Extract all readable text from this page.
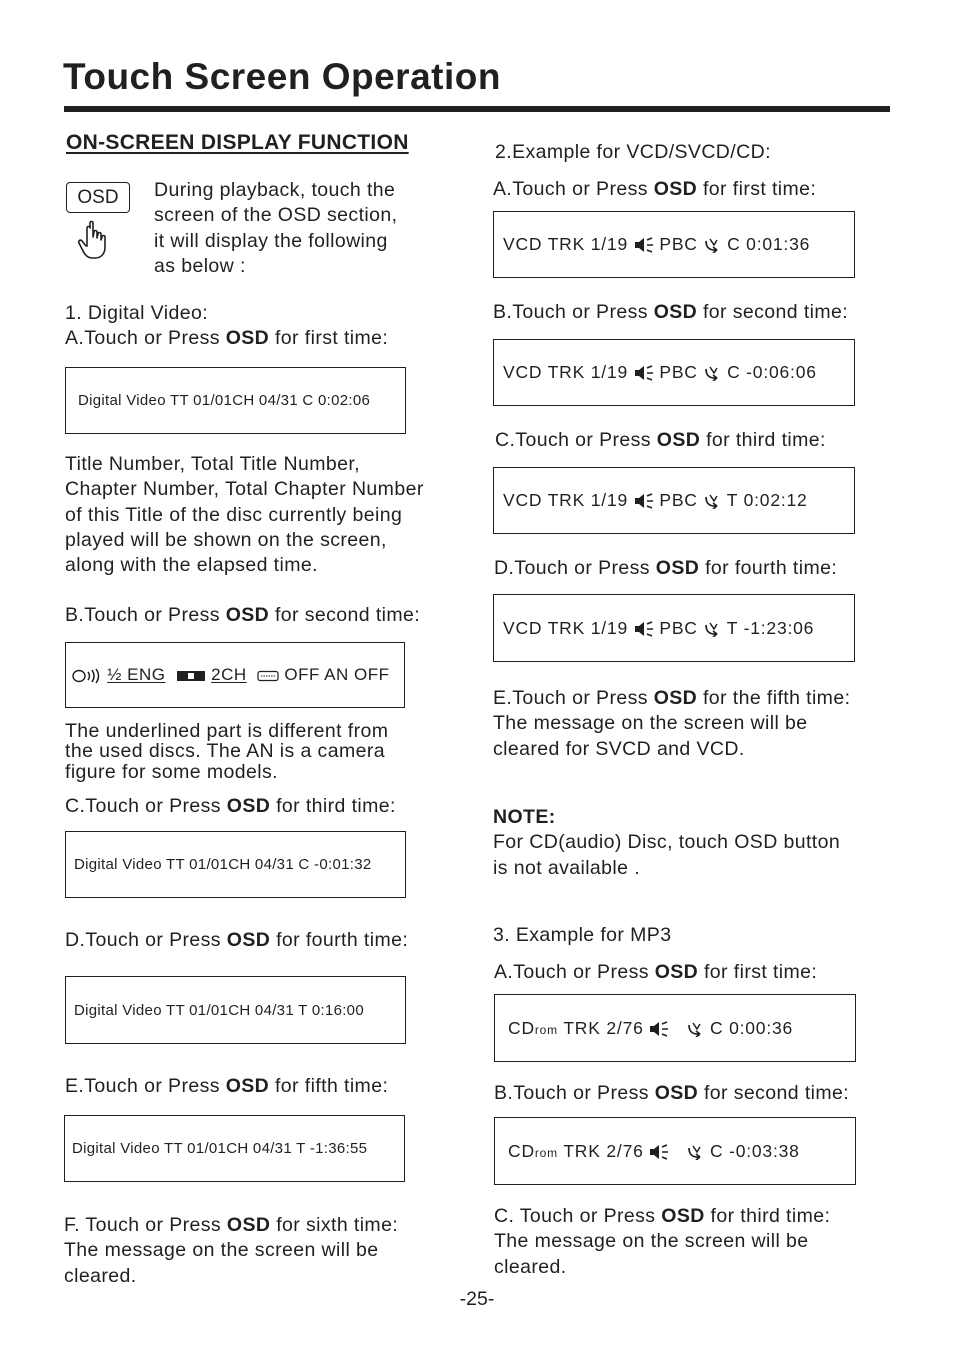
Touch Screen Operation
ON-SCREEN DISPLAY FUNCTION
OSD	During playback, touch the
screen of the OSD section,
it will display the following
as below :
1. Digital Video:
A.Touch or Press OSD for first time:
Digital Video TT 01/01CH 04/31 C 0:02:06
Title Number, Total Title Number,
Chapter Number, Total Chapter Number
of this Title of the disc currently being
played will be shown on the screen,
along with the elapsed time.
B.Touch or Press OSD for second time:
½ ENG	2CH OFF AN OFF
The underlined part is different from
the used discs. The AN is a camera
figure for some models.
C.Touch or Press OSD for third time:
Digital Video TT 01/01CH 04/31 C -0:01:32
D.Touch or Press OSD for fourth time:
Digital Video TT 01/01CH 04/31 T 0:16:00
E.Touch or Press OSD for fifth time:
Digital Video TT 01/01CH 04/31 T -1:36:55
F. Touch or Press OSD for sixth time:
The message on the screen will be
cleared.
2.Example for VCD/SVCD/CD:
A.Touch or Press OSD for first time:
VCD TRK 1/19  PBC  C 0:01:36
B.Touch or Press OSD for second time:
VCD TRK 1/19  PBC  C -0:06:06
C.Touch or Press OSD for third time:
VCD TRK 1/19  PBC  T 0:02:12
D.Touch or Press OSD for fourth time:
VCD TRK 1/19  PBC  T -1:23:06
E.Touch or Press OSD for the fifth time:
The message on the screen will be
cleared for SVCD and VCD.
NOTE:
For CD(audio) Disc, touch OSD button
is not available .
3. Example for MP3
A.Touch or Press OSD for first time:
CDrom TRK 2/76	C 0:00:36
B.Touch or Press OSD for second time:
CDrom TRK 2/76	C -0:03:38
C. Touch or Press OSD for third time:
The message on the screen will be
cleared.
-25-
